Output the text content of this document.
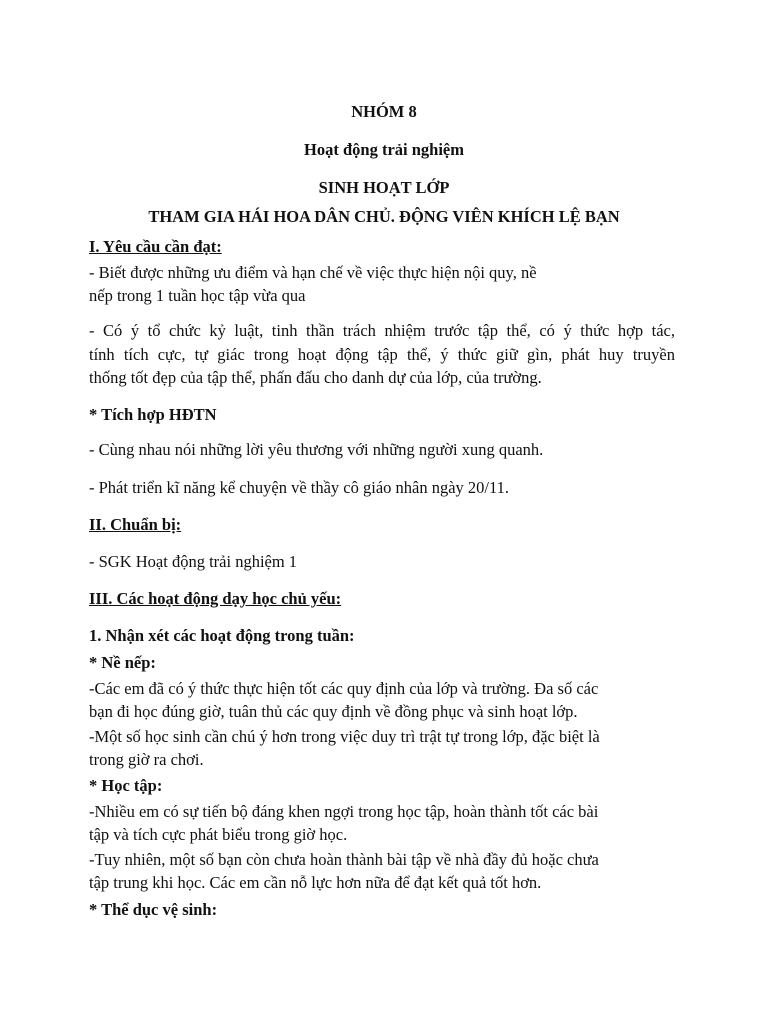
NHÓM 8
Hoạt động trải nghiệm
SINH HOẠT LỚP
THAM GIA HÁI HOA DÂN CHỦ. ĐỘNG VIÊN KHÍCH LỆ BẠN
I. Yêu cầu cần đạt:
- Biết được những ưu điểm và hạn chế về việc thực hiện nội quy, nề
nếp trong 1 tuần học tập vừa qua
- Có ý tổ chức kỷ luật, tinh thần trách nhiệm trước tập thể, có ý thức hợp tác,
tính tích cực, tự giác trong hoạt động tập thể, ý thức giữ gìn, phát huy truyền
thống tốt đẹp của tập thể, phấn đấu cho danh dự của lớp, của trường.
* Tích hợp HĐTN
- Cùng nhau nói những lời yêu thương với những người xung quanh.
- Phát triển kĩ năng kể chuyện về thầy cô giáo nhân ngày 20/11.
II. Chuẩn bị:
- SGK Hoạt động trải nghiệm 1
III. Các hoạt động dạy học chủ yếu:
1. Nhận xét các hoạt động trong tuần:
* Nề nếp:
-Các em đã có ý thức thực hiện tốt các quy định của lớp và trường. Đa số các
bạn đi học đúng giờ, tuân thủ các quy định về đồng phục và sinh hoạt lớp.
-Một số học sinh cần chú ý hơn trong việc duy trì trật tự trong lớp, đặc biệt là
trong giờ ra chơi.
* Học tập:
-Nhiều em có sự tiến bộ đáng khen ngợi trong học tập, hoàn thành tốt các bài
tập và tích cực phát biểu trong giờ học.
-Tuy nhiên, một số bạn còn chưa hoàn thành bài tập về nhà đầy đủ hoặc chưa
tập trung khi học. Các em cần nỗ lực hơn nữa để đạt kết quả tốt hơn.
* Thể dục vệ sinh:
